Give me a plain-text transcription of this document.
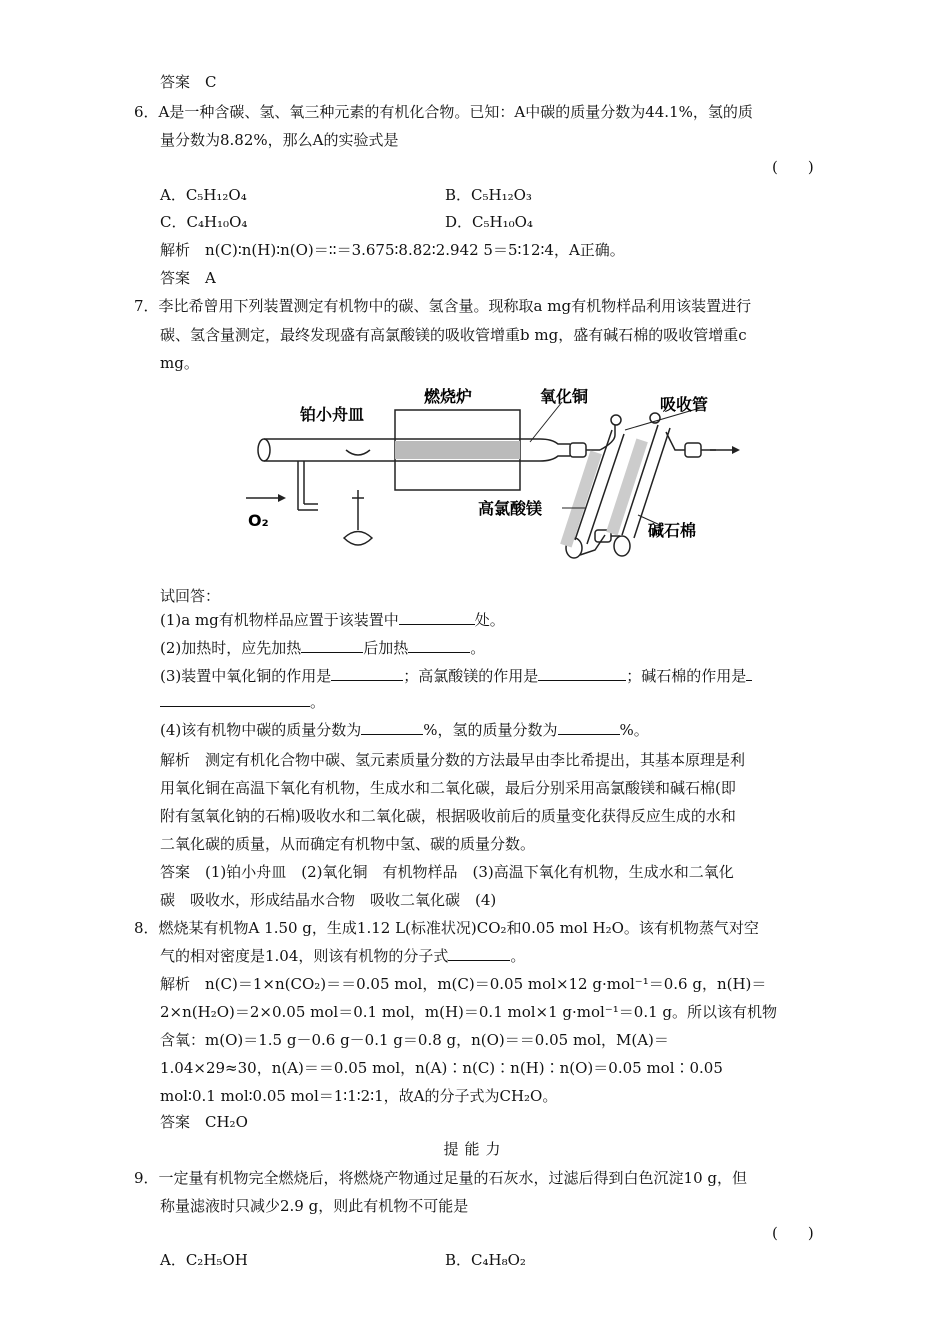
答案　C
6．A是一种含碳、氢、氧三种元素的有机化合物。已知：A中碳的质量分数为44.1%，氢的质
量分数为8.82%，那么A的实验式是
(　　)
A．C₅H₁₂O₄	B．C₅H₁₂O₃
C．C₄H₁₀O₄	D．C₅H₁₀O₄
解析　n(C)∶n(H)∶n(O)＝∶∶＝3.675∶8.82∶2.942 5＝5∶12∶4，A正确。
答案　A
7．李比希曾用下列装置测定有机物中的碳、氢含量。现称取a mg有机物样品利用该装置进行
碳、氢含量测定，最终发现盛有高氯酸镁的吸收管增重b mg，盛有碱石棉的吸收管增重c
mg。
燃烧炉	氧化铜
铂小舟皿
吸收管
O₂
高氯酸镁
碱石棉
试回答：
(1)a mg有机物样品应置于该装置中	处。
(2)加热时，应先加热	后加热	。
(3)装置中氧化铜的作用是	；高氯酸镁的作用是	；碱石棉的作用是
。
(4)该有机物中碳的质量分数为	%，氢的质量分数为	%。
解析　测定有机化合物中碳、氢元素质量分数的方法最早由李比希提出，其基本原理是利
用氧化铜在高温下氧化有机物，生成水和二氧化碳，最后分别采用高氯酸镁和碱石棉(即
附有氢氧化钠的石棉)吸收水和二氧化碳，根据吸收前后的质量变化获得反应生成的水和
二氧化碳的质量，从而确定有机物中氢、碳的质量分数。
答案　(1)铂小舟皿　(2)氧化铜　有机物样品　(3)高温下氧化有机物，生成水和二氧化
碳　吸收水，形成结晶水合物　吸收二氧化碳　(4)
8．燃烧某有机物A 1.50 g，生成1.12 L(标准状况)CO₂和0.05 mol H₂O。该有机物蒸气对空
气的相对密度是1.04，则该有机物的分子式	。
解析　n(C)＝1×n(CO₂)＝＝0.05 mol，m(C)＝0.05 mol×12 g·mol⁻¹＝0.6 g，n(H)＝
2×n(H₂O)＝2×0.05 mol＝0.1 mol，m(H)＝0.1 mol×1 g·mol⁻¹＝0.1 g。所以该有机物
含氧：m(O)＝1.5 g－0.6 g－0.1 g＝0.8 g，n(O)＝＝0.05 mol，M(A)＝
1.04×29≈30，n(A)＝＝0.05 mol，n(A)∶n(C)∶n(H)∶n(O)＝0.05 mol∶0.05
mol∶0.1 mol∶0.05 mol＝1∶1∶2∶1，故A的分子式为CH₂O。
答案　CH₂O
提能力
9．一定量有机物完全燃烧后，将燃烧产物通过足量的石灰水，过滤后得到白色沉淀10 g，但
称量滤液时只减少2.9 g，则此有机物不可能是
(　　)
A．C₂H₅OH	B．C₄H₈O₂
